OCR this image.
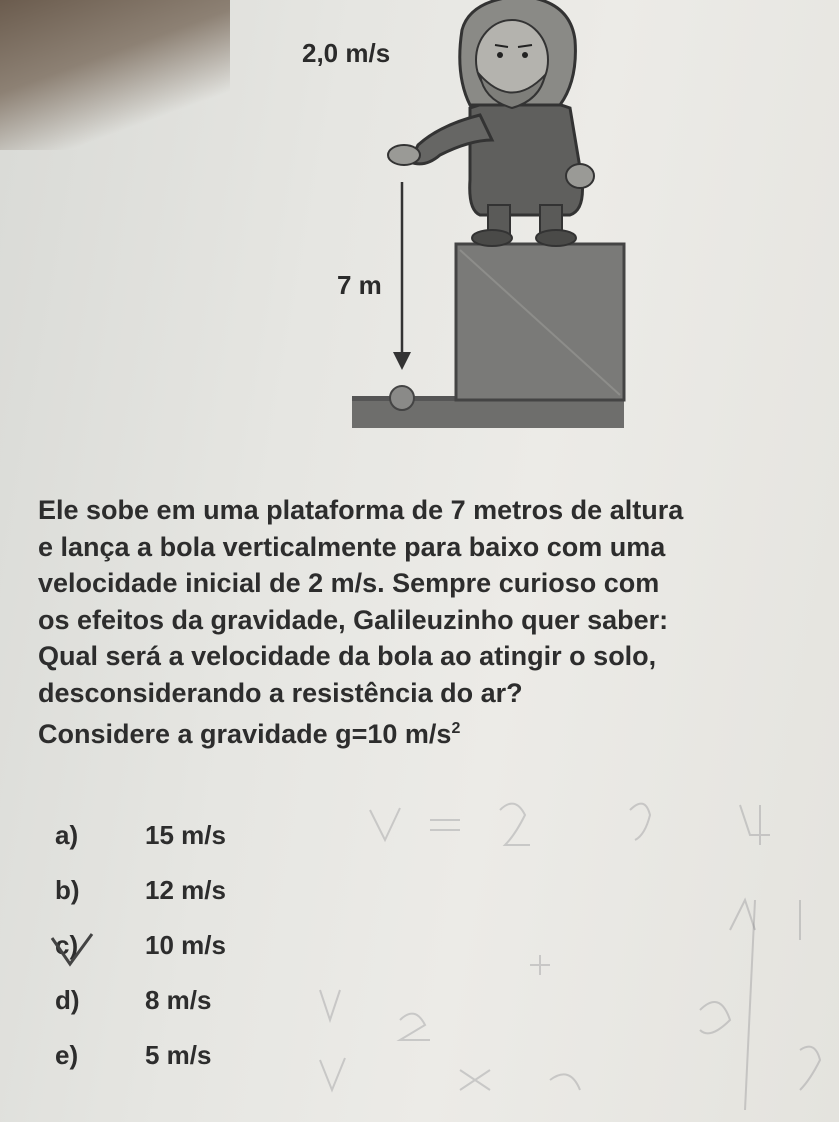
2,0 m/s
7 m
Ele sobe em uma plataforma de 7 metros de altura
e lança a bola verticalmente para baixo com uma
velocidade inicial de 2 m/s. Sempre curioso com
os efeitos da gravidade, Galileuzinho quer saber:
Qual será a velocidade da bola ao atingir o solo,
desconsiderando a resistência do ar?
Considere a gravidade g=10 $m/s^2$
a)	15 m/s
b)	12 m/s
c)	10 m/s
d)	8 m/s
e)	5 m/s
